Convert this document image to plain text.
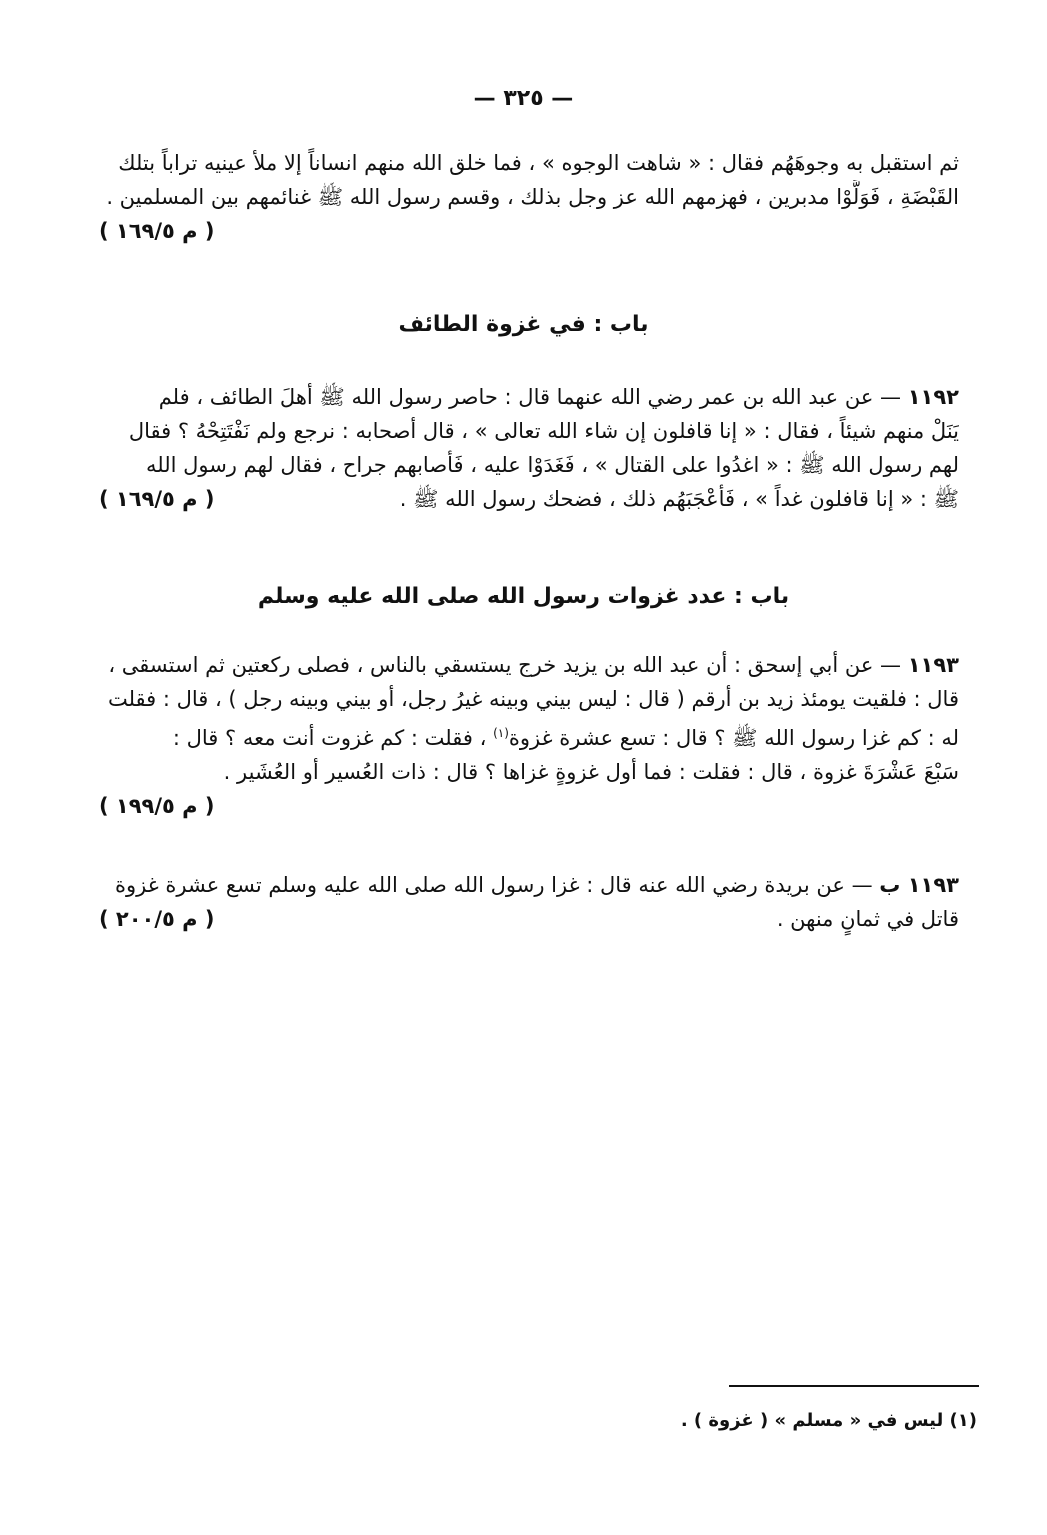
— ٣٢٥ —
ثم استقبل به وجوهَهُم فقال : « شاهت الوجوه » ، فما خلق الله منهم انساناً إلا ملأ عينيه تراباً بتلك
القَبْضَةِ ، فَوَلَّوْا مدبرين ، فهزمهم الله عز وجل بذلك ، وقسم رسول الله ﷺ غنائمهم بين المسلمين .
( م ١٦٩/٥ )
باب : في غزوة الطائف
١١٩٢ — عن عبد الله بن عمر رضي الله عنهما قال : حاصر رسول الله ﷺ أهلَ الطائف ، فلم
يَنَلْ منهم شيئاً ، فقال : « إنا قافلون إن شاء الله تعالى » ، قال أصحابه : نرجع ولم نَفْتَتِحْهُ ؟ فقال
لهم رسول الله ﷺ : « اغدُوا على القتال » ، فَغَدَوْا عليه ، فَأصابهم جراح ، فقال لهم رسول الله
ﷺ : « إنا قافلون غداً » ، فَأعْجَبَهُم ذلك ، فضحك رسول الله ﷺ .
( م ١٦٩/٥ )
باب : عدد غزوات رسول الله صلى الله عليه وسلم
١١٩٣ — عن أبي إسحق : أن عبد الله بن يزيد خرج يستسقي بالناس ، فصلى ركعتين ثم استسقى ،
قال : فلقيت يومئذ زيد بن أرقم ( قال : ليس بيني وبينه غيرُ رجل، أو بيني وبينه رجل ) ، قال : فقلت
له : كم غزا رسول الله ﷺ ؟ قال : تسع عشرة غزوة$^{(١)}$ ، فقلت : كم غزوت أنت معه ؟ قال :
سَبْعَ عَشْرَةَ غزوة ، قال : فقلت : فما أول غزوةٍ غزاها ؟ قال : ذات العُسير أو العُشَير .
( م ١٩٩/٥ )
١١٩٣ ب — عن بريدة رضي الله عنه قال : غزا رسول الله صلى الله عليه وسلم تسع عشرة غزوة
قاتل في ثمانٍ منهن .
( م ٢٠٠/٥ )
(١) ليس في « مسلم » ( غزوة ) .
